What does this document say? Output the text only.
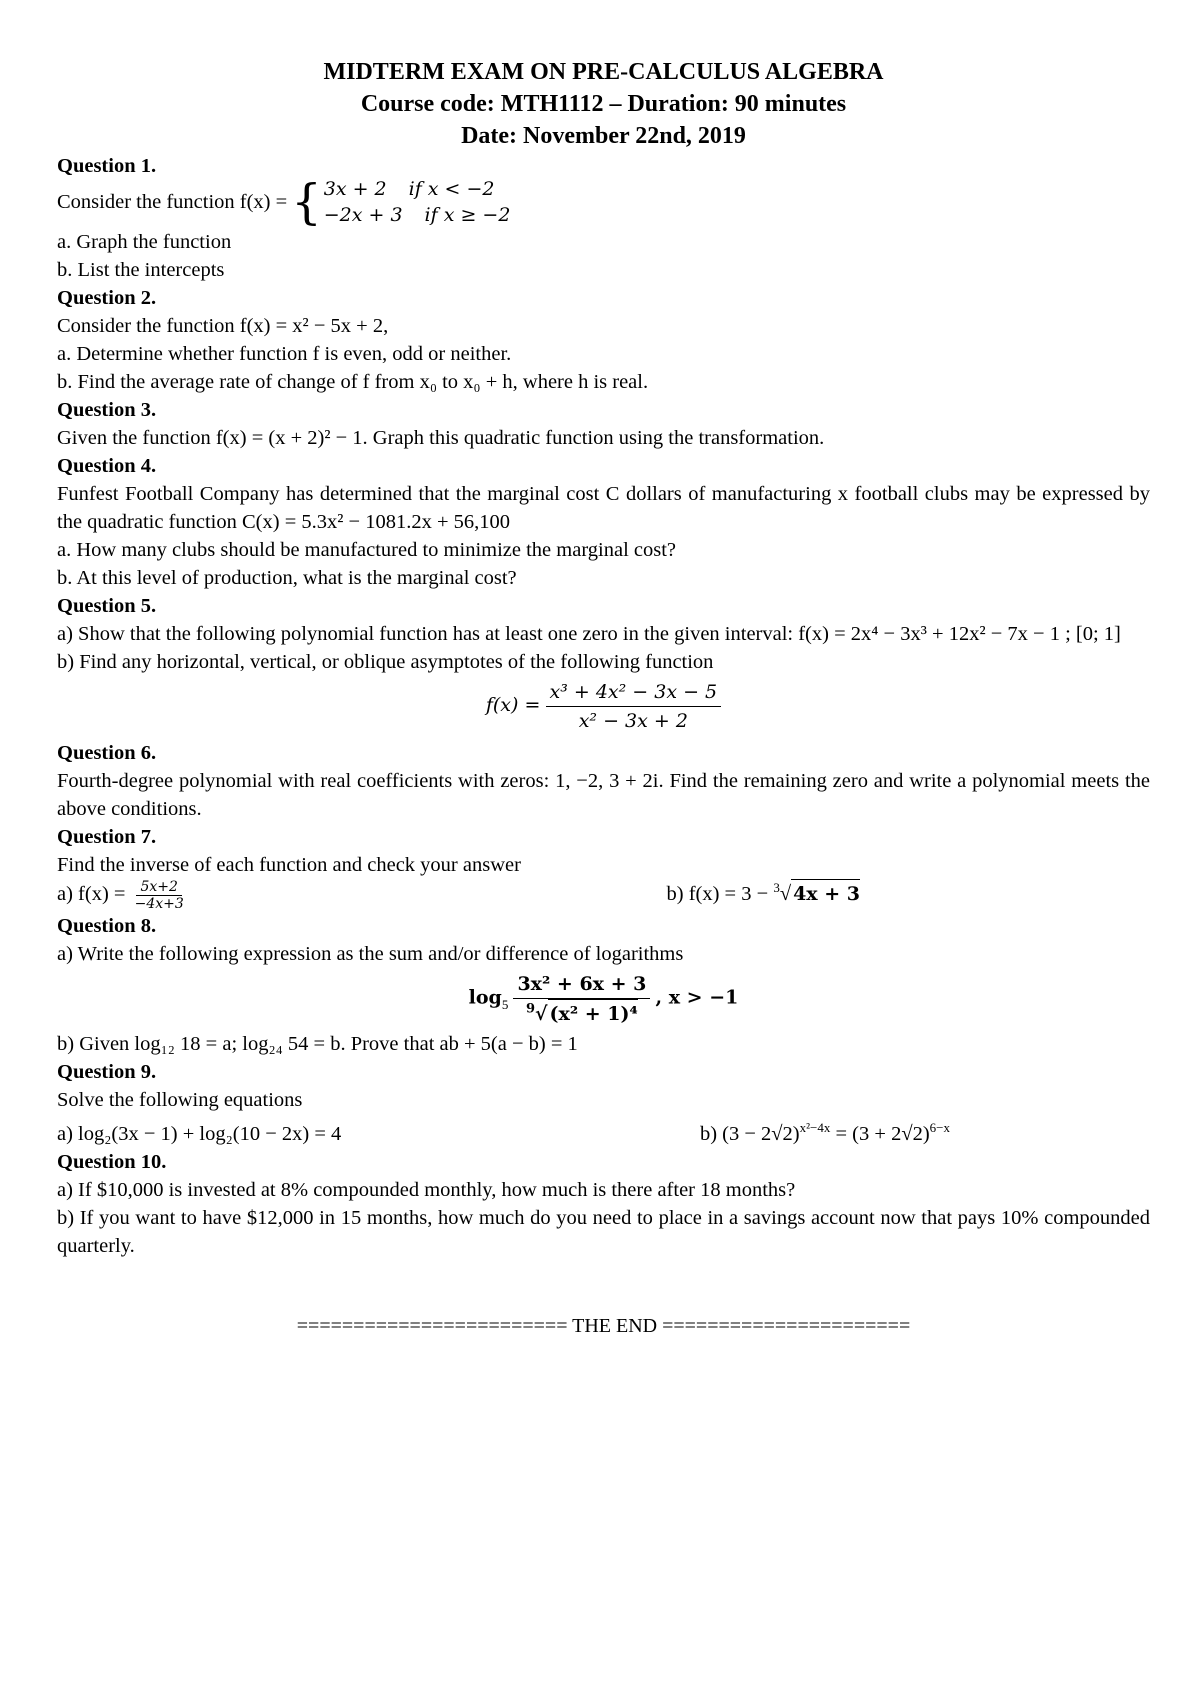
MIDTERM EXAM ON PRE-CALCULUS ALGEBRA
Course code: MTH1112 – Duration: 90 minutes
Date: November 22nd, 2019
Question 1.
Consider the function f(x) = { 3x + 2 if x < −2
−2x + 3 if x ≥ −2
a. Graph the function
b. List the intercepts
Question 2.
Consider the function f(x) = x² − 5x + 2,
a. Determine whether function f is even, odd or neither.
b. Find the average rate of change of f from x₀ to x₀ + h, where h is real.
Question 3.
Given the function f(x) = (x + 2)² − 1. Graph this quadratic function using the transformation.
Question 4.
Funfest Football Company has determined that the marginal cost C dollars of manufacturing x football clubs may be expressed by the quadratic function C(x) = 5.3x² − 1081.2x + 56,100
a. How many clubs should be manufactured to minimize the marginal cost?
b. At this level of production, what is the marginal cost?
Question 5.
a) Show that the following polynomial function has at least one zero in the given interval: f(x) = 2x⁴ − 3x³ + 12x² − 7x − 1 ; [0; 1]
b) Find any horizontal, vertical, or oblique asymptotes of the following function
$f(x) = \frac{\text{x³ + 4x² − 3x − 5}}{\text{x² − 3x + 2}}$
Question 6.
Fourth-degree polynomial with real coefficients with zeros: 1, −2, 3 + 2i. Find the remaining zero and write a polynomial meets the above conditions.
Question 7.
Find the inverse of each function and check your answer
a) $f(x) = \frac{5x+2}{-4x+3}$	b) f(x) = 3 − $^3$√ 4x + 3
Question 8.
a) Write the following expression as the sum and/or difference of logarithms
$\log_5 \frac{\text{3x² + 6x + 3}}{^9√ (x^2 + 1)^4}$ , x > −1
b) Given log₁₂ 18 = a; log₂₄ 54 = b. Prove that ab + 5(a − b) = 1
Question 9.
Solve the following equations
a) log₂(3x − 1) + log₂(10 − 2x) = 4	b) $(3 - 2√2)^{x^2-4x} = (3 + 2√2)^{6-x}$
Question 10.
a) If $10,000 is invested at 8% compounded monthly, how much is there after 18 months?
b) If you want to have $12,000 in 15 months, how much do you need to place in a savings account now that pays 10% compounded quarterly.
======================== THE END ======================
